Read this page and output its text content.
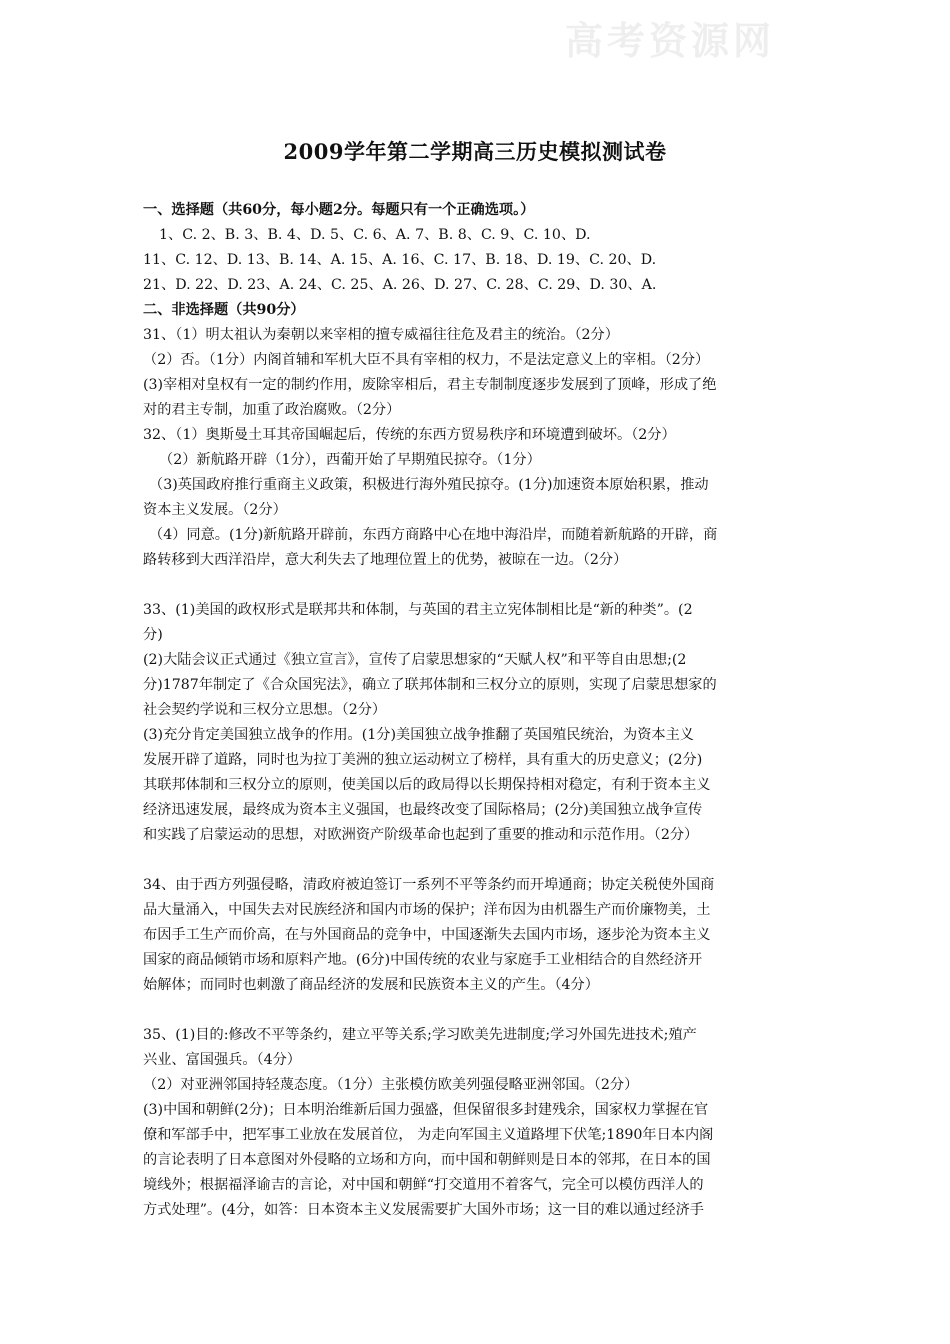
高考资源网
2009学年第二学期高三历史模拟测试卷
一、选择题（共60分，每小题2分。每题只有一个正确选项。）
1、C. 2、B. 3、B. 4、D. 5、C. 6、A. 7、B. 8、C. 9、C. 10、D.
11、C. 12、D. 13、B. 14、A. 15、A. 16、C. 17、B. 18、D. 19、C. 20、D.
21、D. 22、D. 23、A. 24、C. 25、A. 26、D. 27、C. 28、C. 29、D. 30、A.
二、非选择题（共90分）
31、（1）明太祖认为秦朝以来宰相的擅专威福往往危及君主的统治。（2分）
（2）否。（1分）内阁首辅和军机大臣不具有宰相的权力，不是法定意义上的宰相。（2分）
(3)宰相对皇权有一定的制约作用，废除宰相后，君主专制制度逐步发展到了顶峰，形成了绝
对的君主专制，加重了政治腐败。（2分）
32、（1）奥斯曼土耳其帝国崛起后，传统的东西方贸易秩序和环境遭到破坏。（2分）
（2）新航路开辟（1分），西葡开始了早期殖民掠夺。（1分）
（3)英国政府推行重商主义政策，积极进行海外殖民掠夺。(1分)加速资本原始积累，推动
资本主义发展。（2分）
（4）同意。(1分)新航路开辟前，东西方商路中心在地中海沿岸，而随着新航路的开辟，商
路转移到大西洋沿岸，意大利失去了地理位置上的优势，被晾在一边。（2分）
33、(1)美国的政权形式是联邦共和体制，与英国的君主立宪体制相比是“新的种类”。(2
分)
(2)大陆会议正式通过《独立宣言》，宣传了启蒙思想家的“天赋人权”和平等自由思想;(2
分)1787年制定了《合众国宪法》，确立了联邦体制和三权分立的原则，实现了启蒙思想家的
社会契约学说和三权分立思想。（2分）
(3)充分肯定美国独立战争的作用。(1分)美国独立战争推翻了英国殖民统治，为资本主义
发展开辟了道路，同时也为拉丁美洲的独立运动树立了榜样，具有重大的历史意义；(2分)
其联邦体制和三权分立的原则，使美国以后的政局得以长期保持相对稳定，有利于资本主义
经济迅速发展，最终成为资本主义强国，也最终改变了国际格局；(2分)美国独立战争宣传
和实践了启蒙运动的思想，对欧洲资产阶级革命也起到了重要的推动和示范作用。（2分）
34、由于西方列强侵略，清政府被迫签订一系列不平等条约而开埠通商；协定关税使外国商
品大量涌入，中国失去对民族经济和国内市场的保护；洋布因为由机器生产而价廉物美，土
布因手工生产而价高，在与外国商品的竞争中，中国逐渐失去国内市场，逐步沦为资本主义
国家的商品倾销市场和原料产地。(6分)中国传统的农业与家庭手工业相结合的自然经济开
始解体；而同时也刺激了商品经济的发展和民族资本主义的产生。（4分）
35、(1)目的:修改不平等条约，建立平等关系;学习欧美先进制度;学习外国先进技术;殖产
兴业、富国强兵。（4分）
（2）对亚洲邻国持轻蔑态度。（1分）主张模仿欧美列强侵略亚洲邻国。（2分）
(3)中国和朝鲜(2分)；日本明治维新后国力强盛，但保留很多封建残余，国家权力掌握在官
僚和军部手中，把军事工业放在发展首位， 为走向军国主义道路埋下伏笔;1890年日本内阁
的言论表明了日本意图对外侵略的立场和方向，而中国和朝鲜则是日本的邻邦，在日本的国
境线外；根据福泽谕吉的言论，对中国和朝鲜“打交道用不着客气，完全可以模仿西洋人的
方式处理”。(4分，如答：日本资本主义发展需要扩大国外市场；这一目的难以通过经济手
